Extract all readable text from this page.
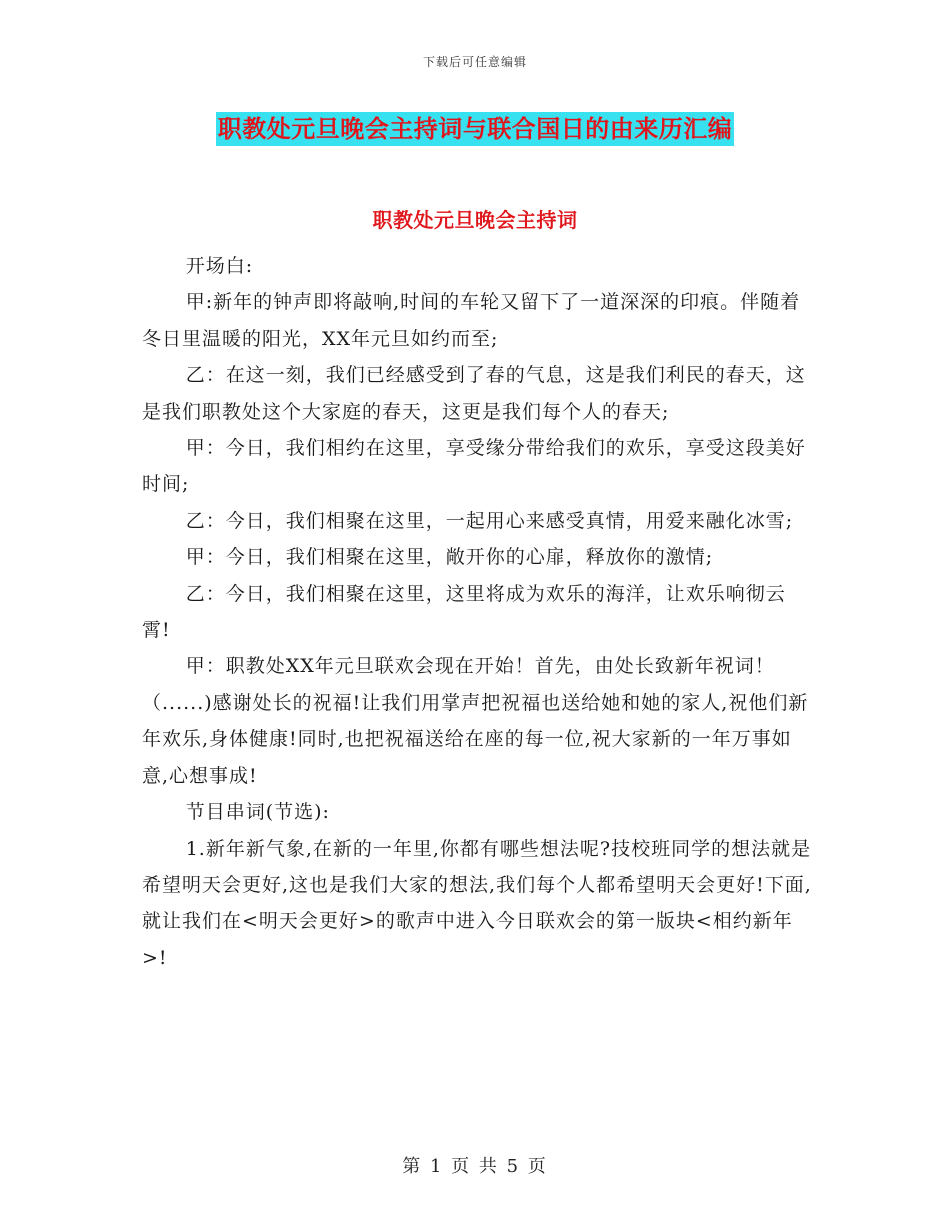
下载后可任意编辑
职教处元旦晚会主持词与联合国日的由来历汇编
职教处元旦晚会主持词

开场白:

甲:新年的钟声即将敲响,时间的车轮又留下了一道深深的印痕。伴随着冬日里温暖的阳光，XX年元旦如约而至;

乙：在这一刻，我们已经感受到了春的气息，这是我们利民的春天，这是我们职教处这个大家庭的春天，这更是我们每个人的春天;

甲：今日，我们相约在这里，享受缘分带给我们的欢乐，享受这段美好时间;

乙：今日，我们相聚在这里，一起用心来感受真情，用爱来融化冰雪;

甲：今日，我们相聚在这里，敞开你的心扉，释放你的激情;

乙：今日，我们相聚在这里，这里将成为欢乐的海洋，让欢乐响彻云霄!

甲：职教处XX年元旦联欢会现在开始！首先，由处长致新年祝词！（......)感谢处长的祝福!让我们用掌声把祝福也送给她和她的家人,祝他们新年欢乐,身体健康!同时,也把祝福送给在座的每一位,祝大家新的一年万事如意,心想事成!

节目串词(节选):

1.新年新气象,在新的一年里,你都有哪些想法呢?技校班同学的想法就是希望明天会更好,这也是我们大家的想法,我们每个人都希望明天会更好!下面,就让我们在<明天会更好>的歌声中进入今日联欢会的第一版块<相约新年>!

第 1 页 共 5 页
